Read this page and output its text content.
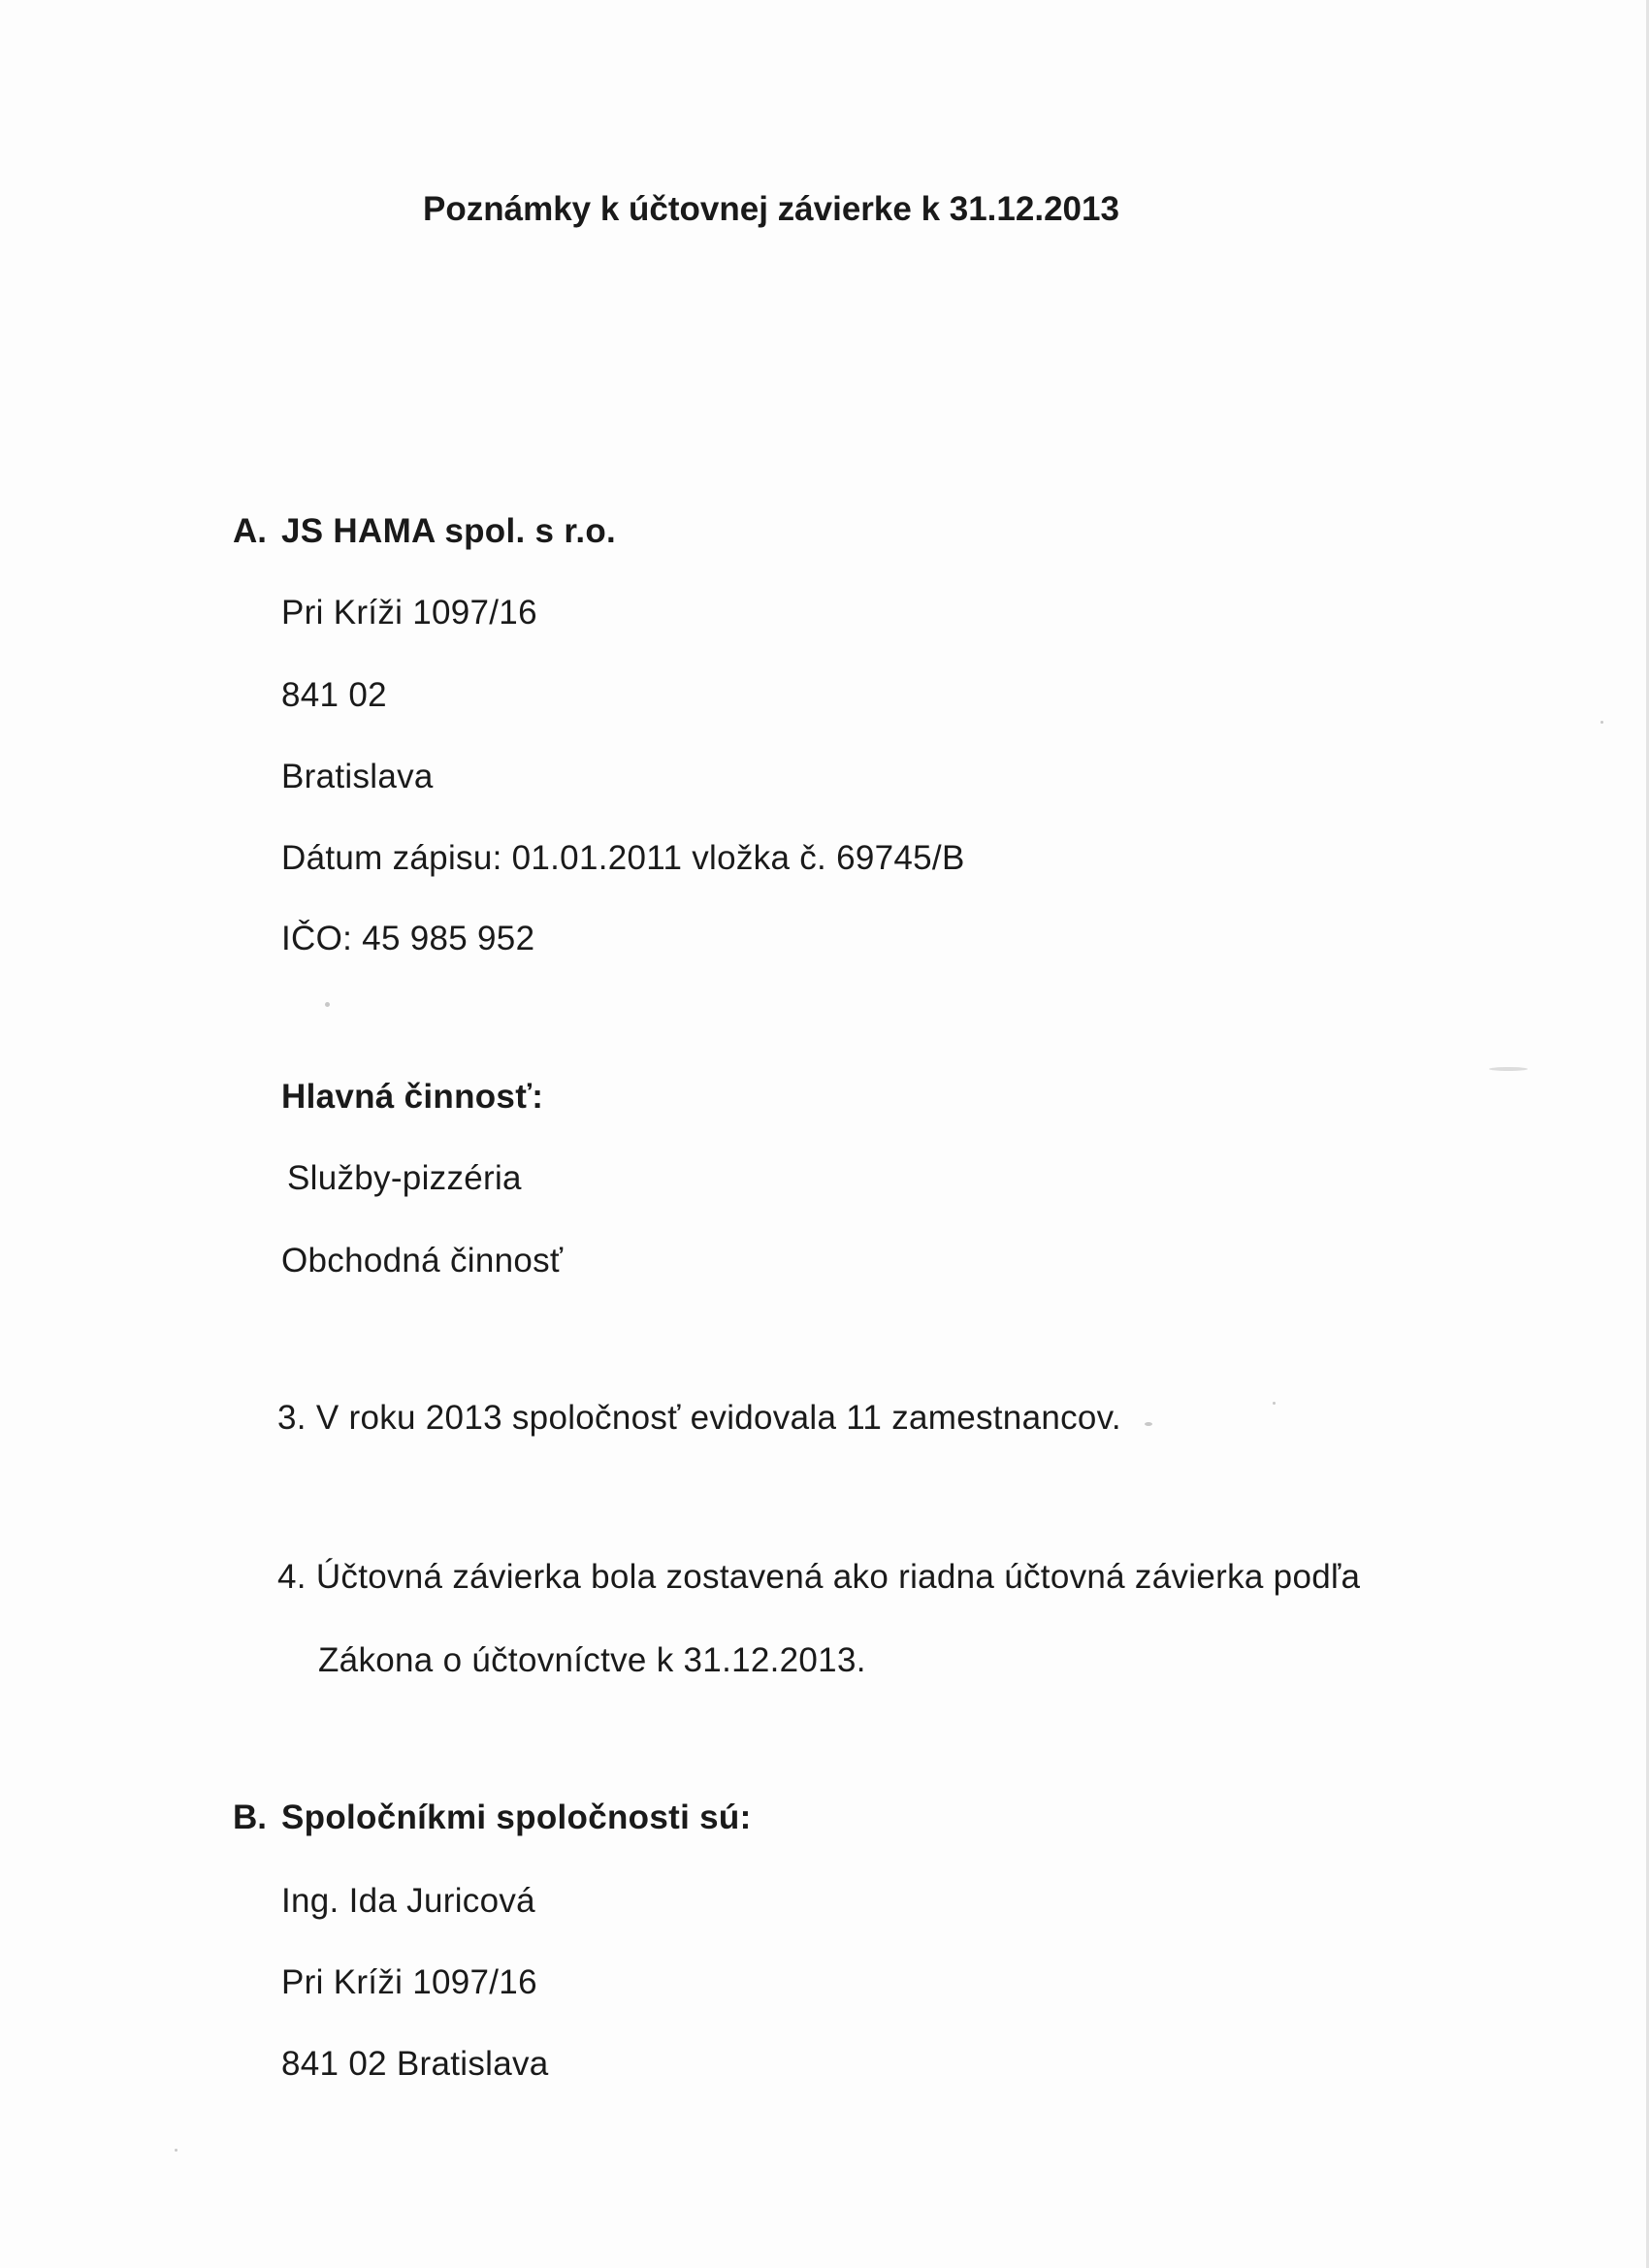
Poznámky k účtovnej závierke k 31.12.2013
A. JS HAMA spol. s r.o.
Pri Kríži 1097/16
841 02
Bratislava
Dátum zápisu: 01.01.2011 vložka č. 69745/B
IČO: 45 985 952
Hlavná činnosť:
Služby-pizzéria
Obchodná činnosť
3. V roku 2013 spoločnosť evidovala 11 zamestnancov.
4. Účtovná závierka bola zostavená ako riadna účtovná závierka podľa
Zákona o účtovníctve k 31.12.2013.
B. Spoločníkmi spoločnosti sú:
Ing. Ida Juricová
Pri Kríži 1097/16
841 02 Bratislava
